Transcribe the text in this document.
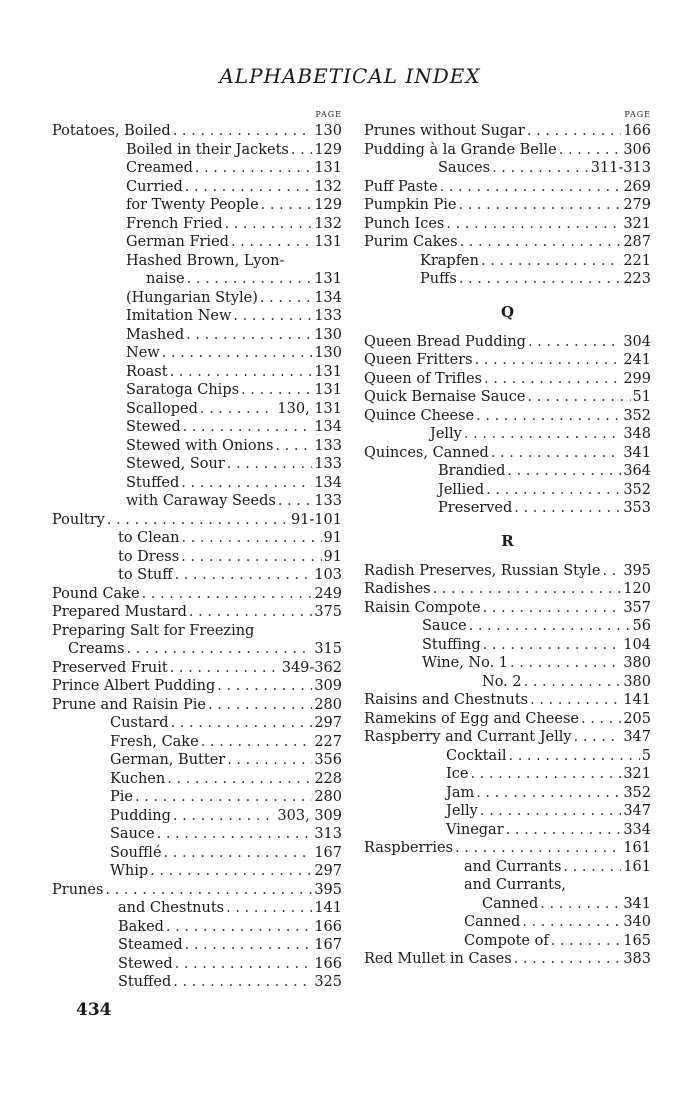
ALPHABETICAL INDEX
PAGE
Potatoes, Boiled . . .	130
Boiled in their Jackets . . . 129
Creamed . . .	131
Curried . . .	132
for Twenty People . . .	129
French Fried . . .	132
German Fried . . .	131
Hashed Brown, Lyon-
naise . . .	131
(Hungarian Style) . . .	134
Imitation New . . .	133
Mashed . . .	130
New . . .	130
Roast . . .	131
Saratoga Chips . . .	131
Scalloped . . .	130, 131
Stewed . . .	134
Stewed with Onions . . .	133
Stewed, Sour . . .	133
Stuffed . . .	134
with Caraway Seeds . . .	133
Poultry . . .	91-101
to Clean . . .	91
to Dress . . .	91
to Stuff . . .	103
Pound Cake . . .	249
Prepared Mustard . . .	375
Preparing Salt for Freezing
Creams . . .	315
Preserved Fruit . . .	349-362
Prince Albert Pudding . . .	309
Prune and Raisin Pie . . .	280
Custard . . .	297
Fresh, Cake . . .	227
German, Butter . . .	356
Kuchen . . .	228
Pie . . .	280
Pudding . . .	303, 309
Sauce . . .	313
Soufflé . . .	167
Whip . . .	297
Prunes . . .	395
and Chestnuts . . .	141
Baked . . .	166
Steamed . . .	167
Stewed . . .	166
Stuffed . . .	325
PAGE
Prunes without Sugar . . .	166
Pudding à la Grande Belle . . .	306
Sauces . . .	311-313
Puff Paste . . .	269
Pumpkin Pie . . .	279
Punch Ices . . .	321
Purim Cakes . . .	287
Krapfen . . .	221
Puffs . . .	223
Q
Queen Bread Pudding . . .	304
Queen Fritters . . .	241
Queen of Trifles . . .	299
Quick Bernaise Sauce . . .	51
Quince Cheese . . .	352
Jelly . . .	348
Quinces, Canned . . .	341
Brandied . . .	364
Jellied . . .	352
Preserved . . .	353
R
Radish Preserves, Russian Style . . . 395
Radishes . . .	120
Raisin Compote . . .	357
Sauce . . .	56
Stuffing . . .	104
Wine, No. 1 . . .	380
No. 2 . . .	380
Raisins and Chestnuts . . .	141
Ramekins of Egg and Cheese . . .	205
Raspberry and Currant Jelly . . .	347
Cocktail . . .	5
Ice . . .	321
Jam . . .	352
Jelly . . .	347
Vinegar . . .	334
Raspberries . . .	161
and Currants . . .	161
and Currants,
Canned . . .	341
Canned . . .	340
Compote of . . .	165
Red Mullet in Cases . . .	383

434
